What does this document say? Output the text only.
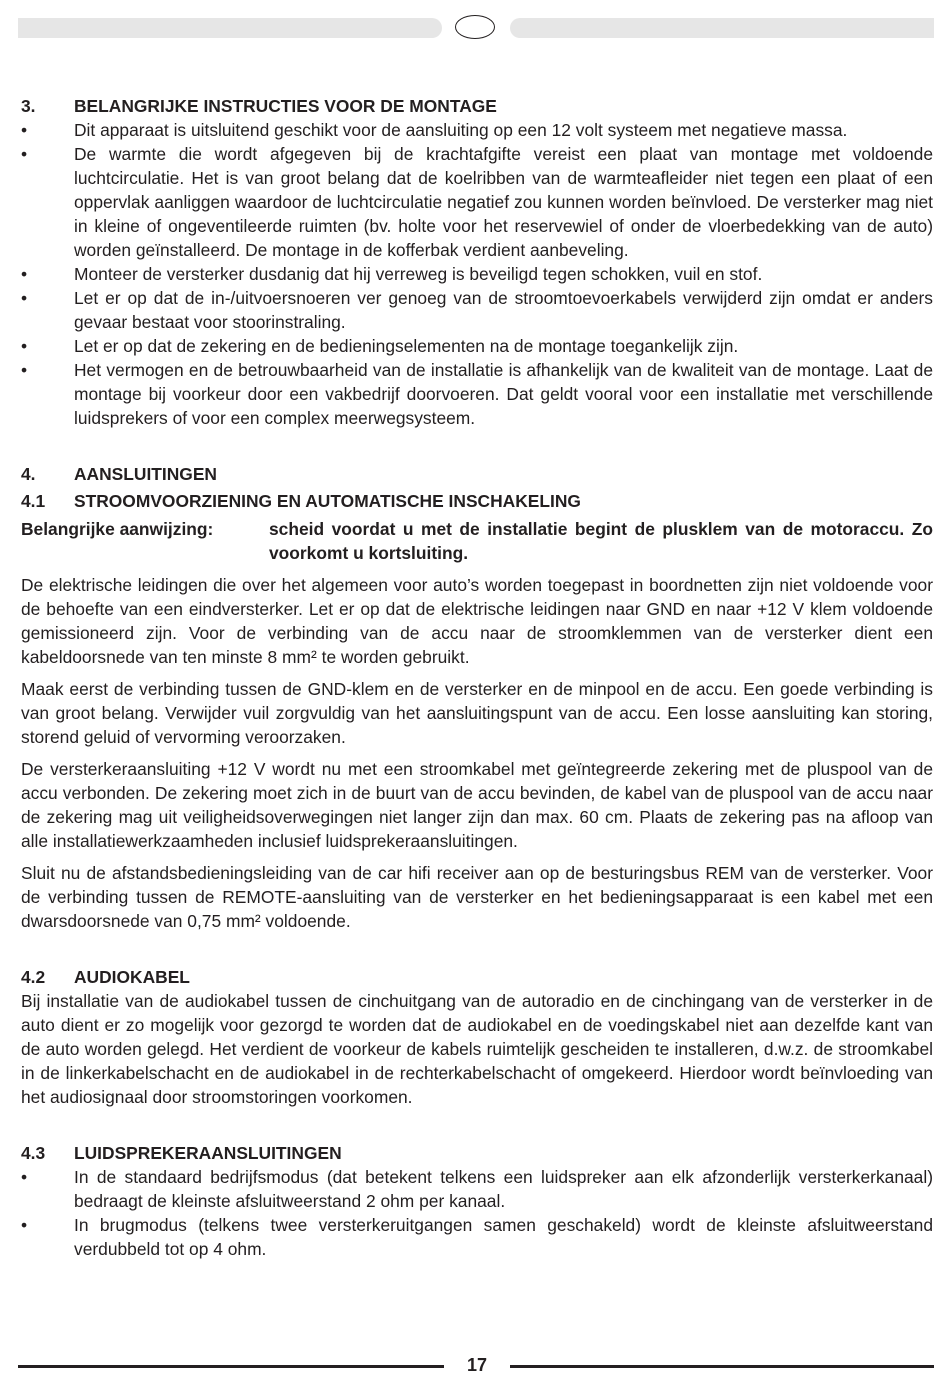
3.	BELANGRIJKE INSTRUCTIES VOOR DE MONTAGE
•	Dit apparaat is uitsluitend geschikt voor de aansluiting op een 12 volt systeem met negatieve massa.
•	De warmte die wordt afgegeven bij de krachtafgifte vereist een plaat van montage met voldoende luchtcirculatie. Het is van groot belang dat de koelribben van de warmteafleider niet tegen een plaat of een oppervlak aanliggen waardoor de luchtcirculatie negatief zou kunnen worden beïnvloed. De versterker mag niet in kleine of ongeventileerde ruimten (bv. holte voor het reservewiel of onder de vloerbedekking van de auto) worden geïnstalleerd. De montage in de kofferbak verdient aanbeveling.
•	Monteer de versterker dusdanig dat hij verreweg is beveiligd tegen schokken, vuil en stof.
•	Let er op dat de in-/uitvoersnoeren ver genoeg van de stroomtoevoerkabels verwijderd zijn omdat er anders gevaar bestaat voor stoorinstraling.
•	Let er op dat de zekering en de bedieningselementen na de montage toegankelijk zijn.
•	Het vermogen en de betrouwbaarheid van de installatie is afhankelijk van de kwaliteit van de montage. Laat de montage bij voorkeur door een vakbedrijf doorvoeren. Dat geldt vooral voor een installatie met verschillende luidsprekers of voor een complex meerwegsysteem.
4.	AANSLUITINGEN
4.1	STROOMVOORZIENING EN AUTOMATISCHE INSCHAKELING
Belangrijke aanwijzing:	scheid voordat u met de installatie begint de plusklem van de motoraccu. Zo voorkomt u kortsluiting.

De elektrische leidingen die over het algemeen voor auto’s worden toegepast in boordnetten zijn niet voldoende voor de behoefte van een eindversterker. Let er op dat de elektrische leidingen naar GND en naar +12 V klem voldoende gemissioneerd zijn. Voor de verbinding van de accu naar de stroomklemmen van de versterker dient een kabeldoorsnede van ten minste 8 mm² te worden gebruikt.

Maak eerst de verbinding tussen de GND-klem en de versterker en de minpool en de accu. Een goede verbinding is van groot belang. Verwijder vuil zorgvuldig van het aansluitingspunt van de accu. Een losse aansluiting kan storing, storend geluid of vervorming veroorzaken.

De versterkeraansluiting +12 V wordt nu met een stroomkabel met geïntegreerde zekering met de pluspool van de accu verbonden. De zekering moet zich in de buurt van de accu bevinden, de kabel van de pluspool van de accu naar de zekering mag uit veiligheidsoverwegingen niet langer zijn dan max. 60 cm. Plaats de zekering pas na afloop van alle installatiewerkzaamheden inclusief luidsprekeraansluitingen.

Sluit nu de afstandsbedieningsleiding van de car hifi receiver aan op de besturingsbus REM van de versterker. Voor de verbinding tussen de REMOTE-aansluiting van de versterker en het bedieningsapparaat is een kabel met een dwarsdoorsnede van 0,75 mm² voldoende.

4.2	AUDIOKABEL

Bij installatie van de audiokabel tussen de cinchuitgang van de autoradio en de cinchingang van de versterker in de auto dient er zo mogelijk voor gezorgd te worden dat de audiokabel en de voedingskabel niet aan dezelfde kant van de auto worden gelegd. Het verdient de voorkeur de kabels ruimtelijk gescheiden te installeren, d.w.z. de stroomkabel in de linkerkabelschacht en de audiokabel in de rechterkabelschacht of omgekeerd. Hierdoor wordt beïnvloeding van het audiosignaal door stroomstoringen voorkomen.

4.3	LUIDSPREKERAANSLUITINGEN
•	In de standaard bedrijfsmodus (dat betekent telkens een luidspreker aan elk afzonderlijk versterkerkanaal) bedraagt de kleinste afsluitweerstand 2 ohm per kanaal.
•	In brugmodus (telkens twee versterkeruitgangen samen geschakeld) wordt de kleinste afsluitweerstand verdubbeld tot op 4 ohm.
17
